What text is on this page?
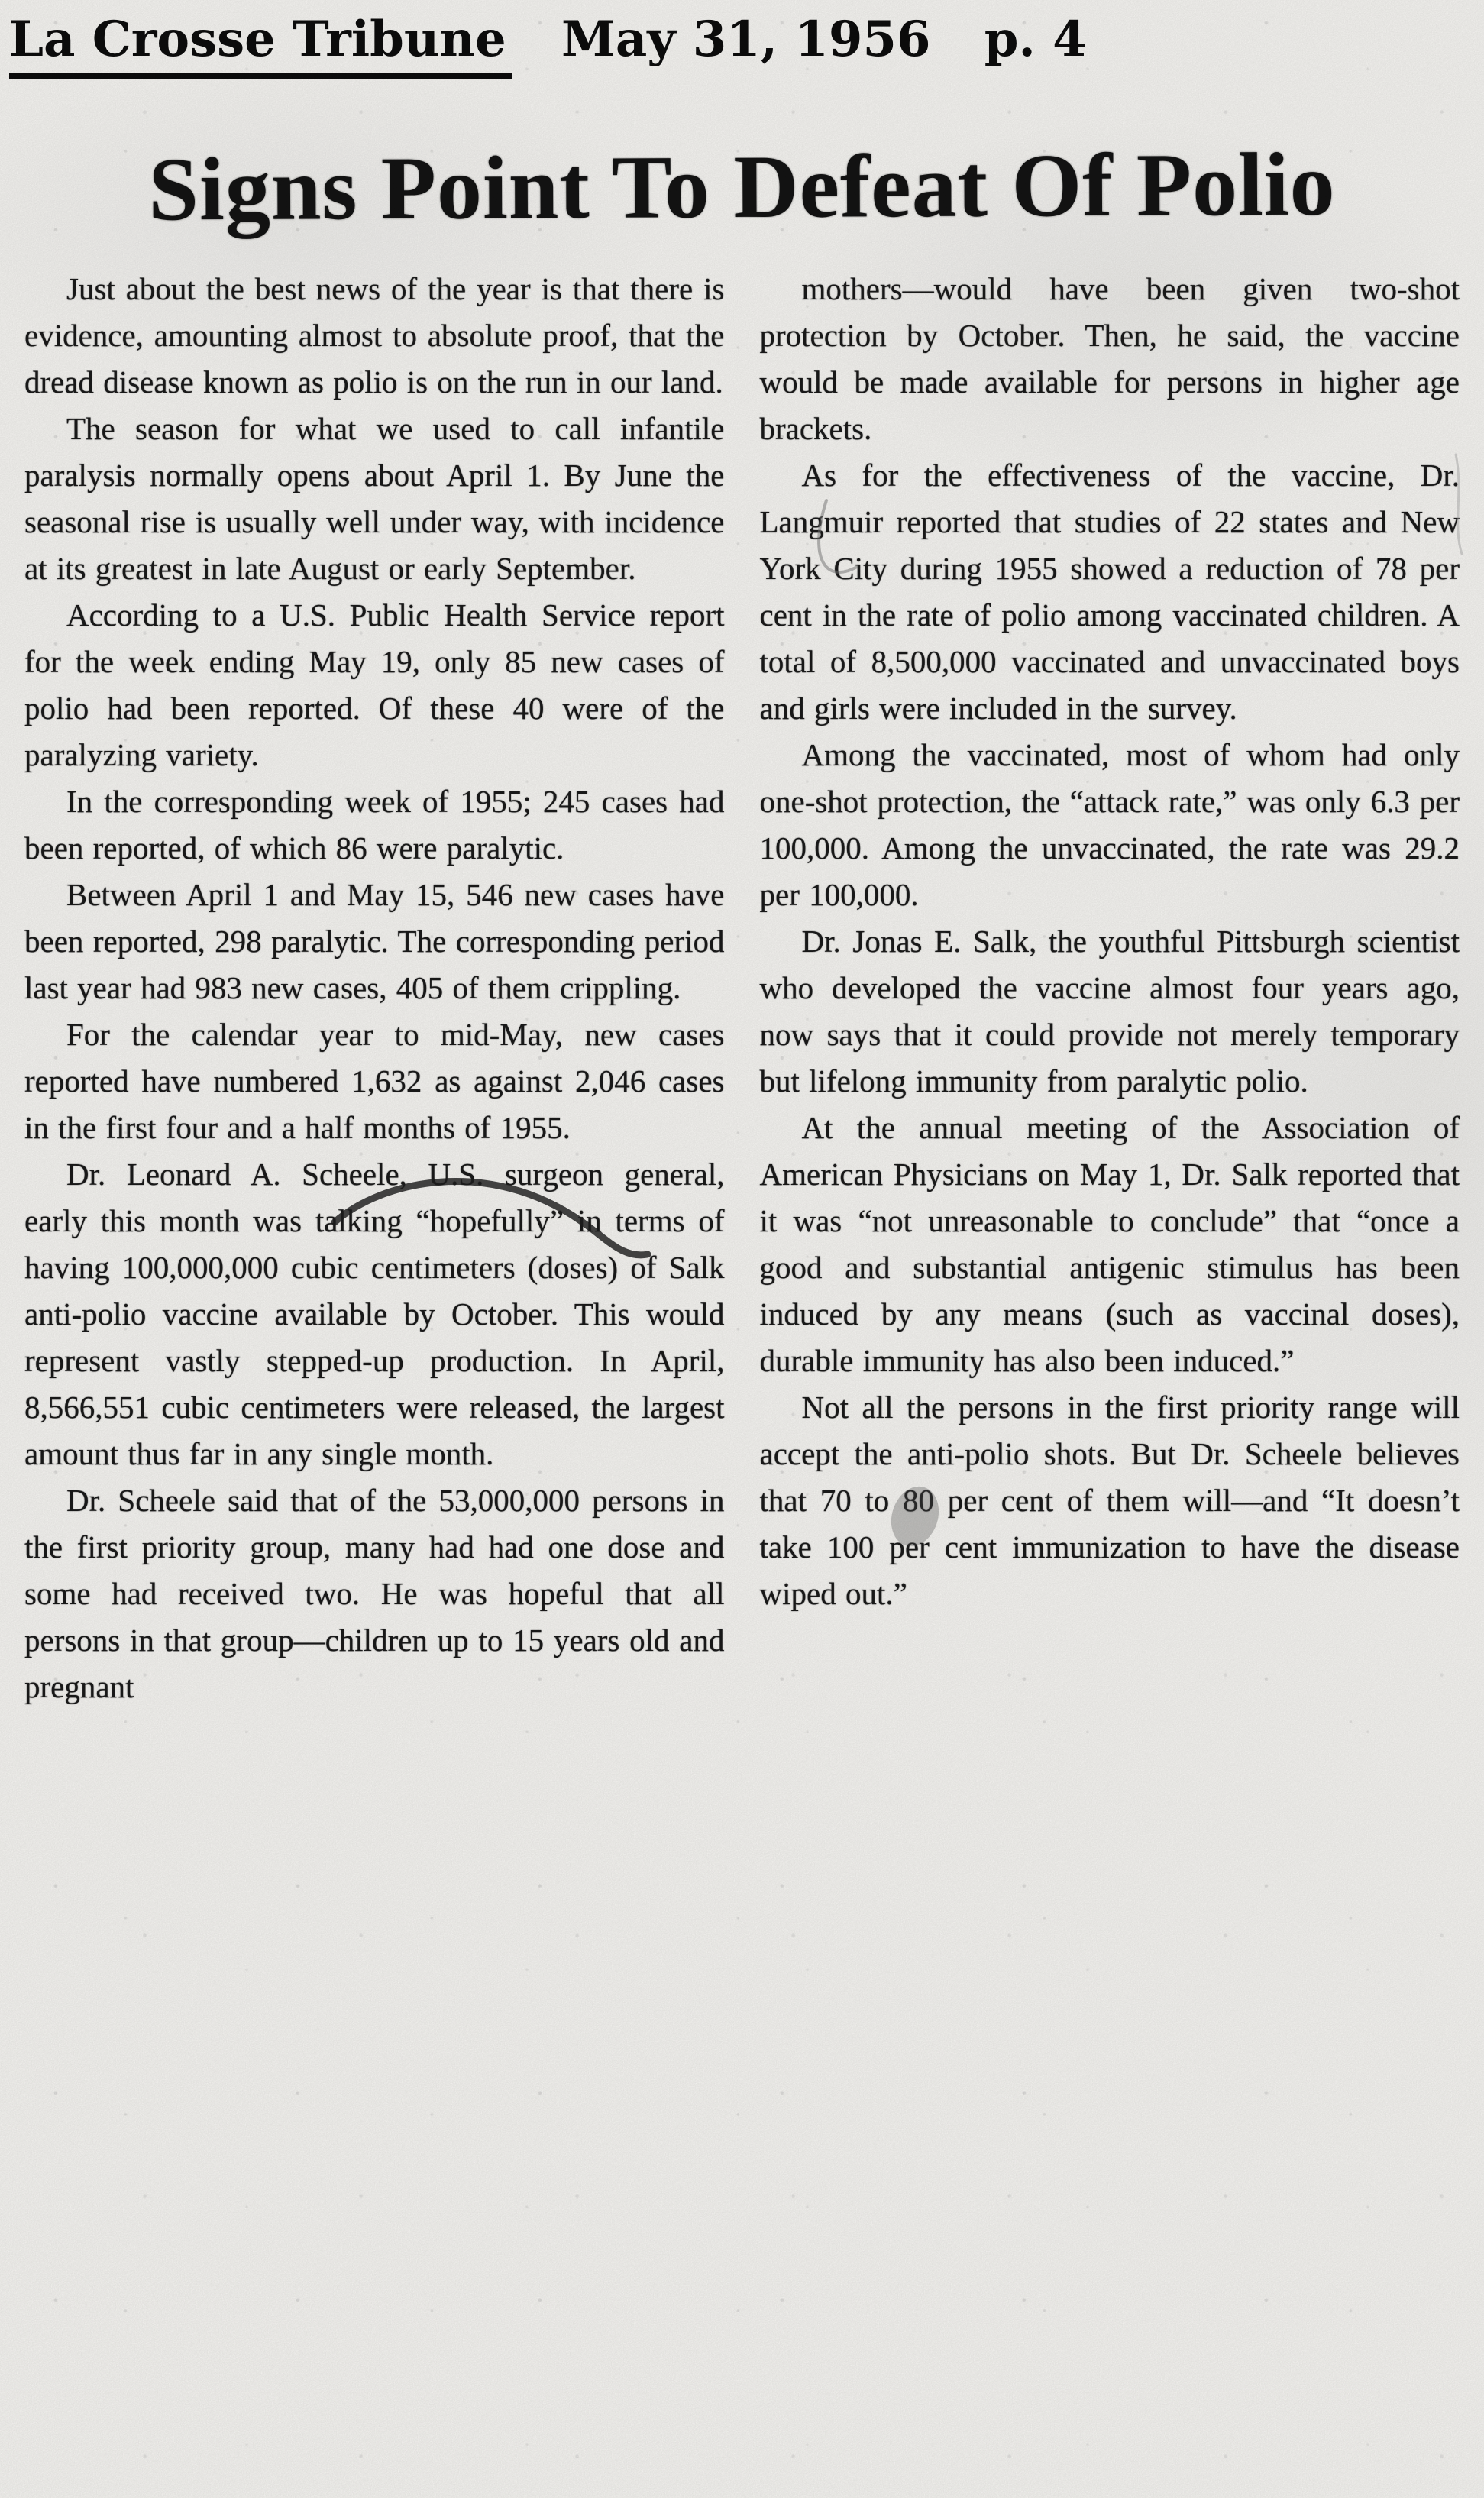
La Crosse Tribune May 31, 1956 p. 4
Signs Point To Defeat Of Polio

Just about the best news of the year is that there is evidence, amounting almost to absolute proof, that the dread disease known as polio is on the run in our land.

The season for what we used to call infantile paralysis normally opens about April 1. By June the seasonal rise is usually well under way, with incidence at its greatest in late August or early September.

According to a U.S. Public Health Service report for the week ending May 19, only 85 new cases of polio had been reported. Of these 40 were of the paralyzing variety.

In the corresponding week of 1955; 245 cases had been reported, of which 86 were paralytic.

Between April 1 and May 15, 546 new cases have been reported, 298 paralytic. The corresponding period last year had 983 new cases, 405 of them crippling.

For the calendar year to mid-May, new cases reported have numbered 1,632 as against 2,046 cases in the first four and a half months of 1955.

Dr. Leonard A. Scheele, U.S. surgeon general, early this month was talking “hopefully” in terms of having 100,000,000 cubic centimeters (doses) of Salk anti-polio vaccine available by October. This would represent vastly stepped-up production. In April, 8,566,551 cubic centimeters were released, the largest amount thus far in any single month.

Dr. Scheele said that of the 53,000,000 persons in the first priority group, many had had one dose and some had received two. He was hopeful that all persons in that group—children up to 15 years old and pregnant

mothers—would have been given two-shot protection by October. Then, he said, the vaccine would be made available for persons in higher age brackets.

As for the effectiveness of the vaccine, Dr. Langmuir reported that studies of 22 states and New York City during 1955 showed a reduction of 78 per cent in the rate of polio among vaccinated children. A total of 8,500,000 vaccinated and unvaccinated boys and girls were included in the survey.

Among the vaccinated, most of whom had only one-shot protection, the “attack rate,” was only 6.3 per 100,000. Among the unvaccinated, the rate was 29.2 per 100,000.

Dr. Jonas E. Salk, the youthful Pittsburgh scientist who developed the vaccine almost four years ago, now says that it could provide not merely temporary but lifelong immunity from paralytic polio.

At the annual meeting of the Association of American Physicians on May 1, Dr. Salk reported that it was “not unreasonable to conclude” that “once a good and substantial antigenic stimulus has been induced by any means (such as vaccinal doses), durable immunity has also been induced.”

Not all the persons in the first priority range will accept the anti-polio shots. But Dr. Scheele believes that 70 to 80 per cent of them will—and “It doesn’t take 100 per cent immunization to have the disease wiped out.”
